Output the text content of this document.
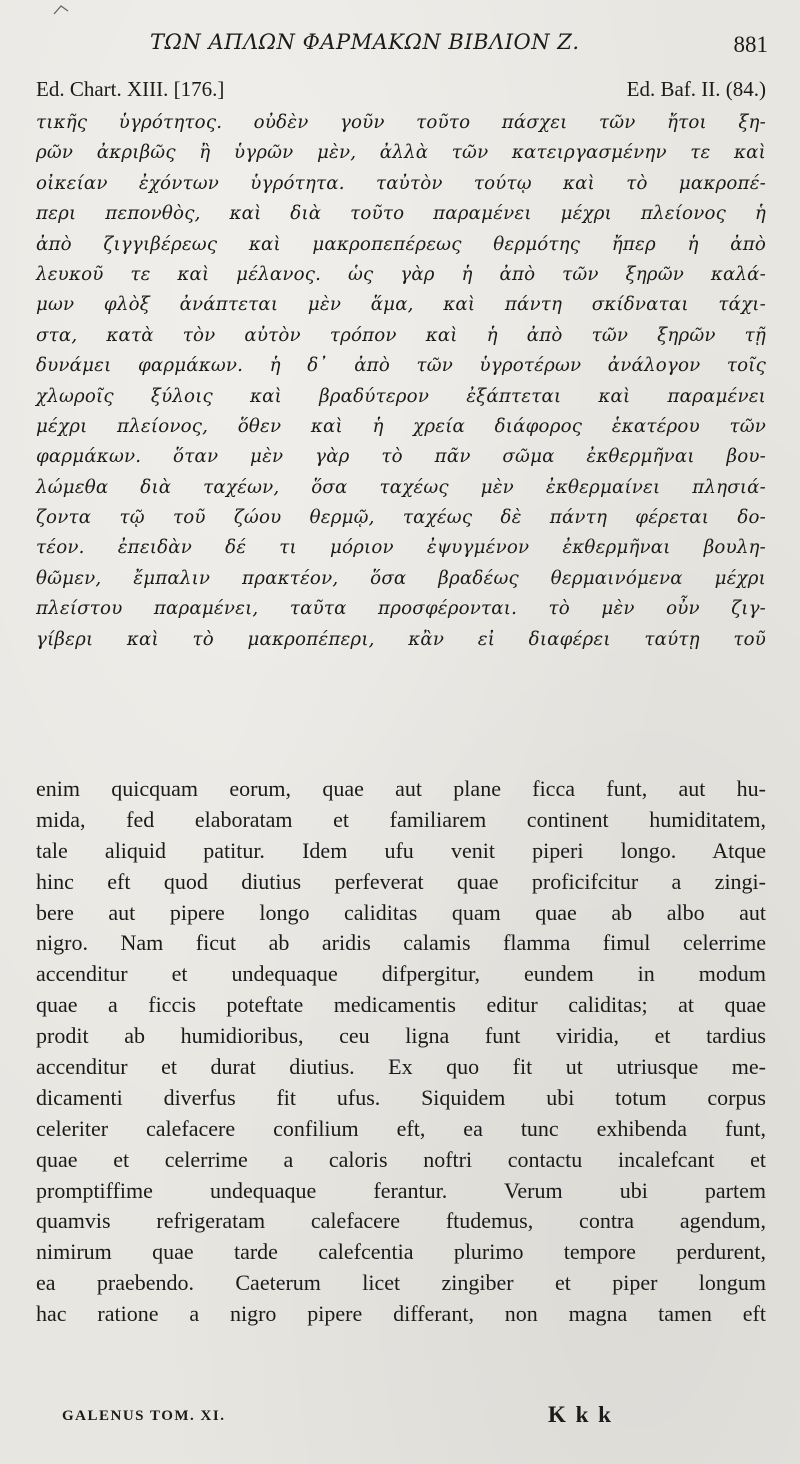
ΤΩΝ ΑΠΛΩΝ ΦΑΡΜΑΚΩΝ ΒΙΒΛΙΟΝ Ζ.	881
Ed. Chart. XIII. [176.]	Ed. Baf. II. (84.)
τικῆς ὑγρότητος. οὐδὲν γοῦν τοῦτο πάσχει τῶν ἤτοι ξη-
ρῶν ἀκριβῶς ἢ ὑγρῶν μὲν, ἀλλὰ τῶν κατειργασμένην τε καὶ
οἰκείαν ἐχόντων ὑγρότητα. ταὐτὸν τούτῳ καὶ τὸ μακροπέ-
περι πεπονθὸς, καὶ διὰ τοῦτο παραμένει μέχρι πλείονος ἡ
ἀπὸ ζιγγιβέρεως καὶ μακροπεπέρεως θερμότης ἤπερ ἡ ἀπὸ
λευκοῦ τε καὶ μέλανος. ὡς γὰρ ἡ ἀπὸ τῶν ξηρῶν καλά-
μων φλὸξ ἀνάπτεται μὲν ἅμα, καὶ πάντη σκίδναται τάχι-
στα, κατὰ τὸν αὐτὸν τρόπον καὶ ἡ ἀπὸ τῶν ξηρῶν τῇ
δυνάμει φαρμάκων. ἡ δ᾽ ἀπὸ τῶν ὑγροτέρων ἀνάλογον τοῖς
χλωροῖς ξύλοις καὶ βραδύτερον ἐξάπτεται καὶ παραμένει
μέχρι πλείονος, ὅθεν καὶ ἡ χρεία διάφορος ἑκατέρου τῶν
φαρμάκων. ὅταν μὲν γὰρ τὸ πᾶν σῶμα ἐκθερμῆναι βου-
λώμεθα διὰ ταχέων, ὅσα ταχέως μὲν ἐκθερμαίνει πλησιά-
ζοντα τῷ τοῦ ζώου θερμῷ, ταχέως δὲ πάντη φέρεται δο-
τέον. ἐπειδὰν δέ τι μόριον ἐψυγμένον ἐκθερμῆναι βουλη-
θῶμεν, ἔμπαλιν πρακτέον, ὅσα βραδέως θερμαινόμενα μέχρι
πλείστου παραμένει, ταῦτα προσφέρονται. τὸ μὲν οὖν ζιγ-
γίβερι καὶ τὸ μακροπέπερι, κἂν εἰ διαφέρει ταύτῃ τοῦ
enim quicquam eorum, quae aut plane ficca funt, aut hu-
mida, fed elaboratam et familiarem continent humiditatem,
tale aliquid patitur. Idem ufu venit piperi longo. Atque
hinc eft quod diutius perfeverat quae proficifcitur a zingi-
bere aut pipere longo caliditas quam quae ab albo aut
nigro. Nam ficut ab aridis calamis flamma fimul celerrime
accenditur et undequaque difpergitur, eundem in modum
quae a ficcis poteftate medicamentis editur caliditas; at quae
prodit ab humidioribus, ceu ligna funt viridia, et tardius
accenditur et durat diutius. Ex quo fit ut utriusque me-
dicamenti diverfus fit ufus. Siquidem ubi totum corpus
celeriter calefacere confilium eft, ea tunc exhibenda funt,
quae et celerrime a caloris noftri contactu incalefcant et
promptiffime undequaque ferantur. Verum ubi partem
quamvis refrigeratam calefacere ftudemus, contra agendum,
nimirum quae tarde calefcentia plurimo tempore perdurent,
ea praebendo. Caeterum licet zingiber et piper longum
hac ratione a nigro pipere differant, non magna tamen eft
GALENUS TOM. XI.	K k k
